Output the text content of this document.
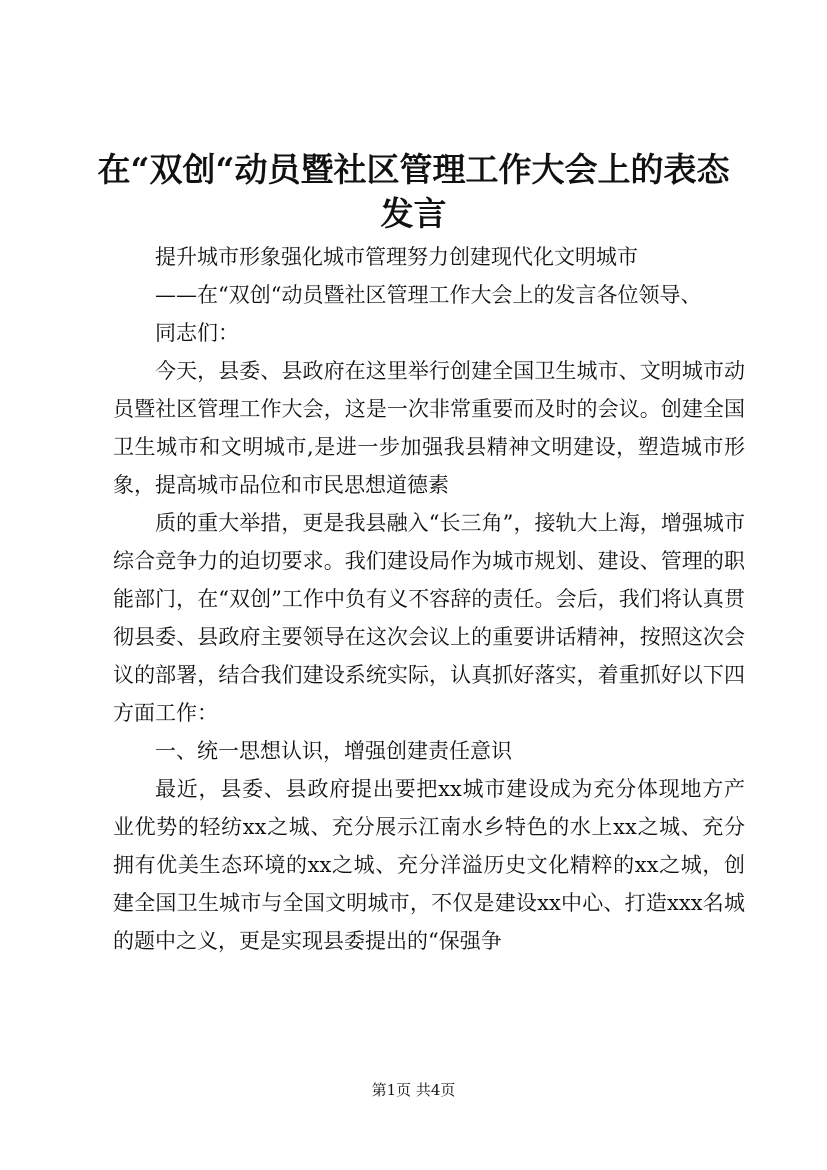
在“双创“动员暨社区管理工作大会上的表态
发言

提升城市形象强化城市管理努力创建现代化文明城市

——在“双创“动员暨社区管理工作大会上的发言各位领导、

同志们：

今天，县委、县政府在这里举行创建全国卫生城市、文明城市动员暨社区管理工作大会，这是一次非常重要而及时的会议。创建全国卫生城市和文明城市,是进一步加强我县精神文明建设，塑造城市形象，提高城市品位和市民思想道德素

质的重大举措，更是我县融入“长三角”，接轨大上海，增强城市综合竞争力的迫切要求。我们建设局作为城市规划、建设、管理的职能部门，在“双创”工作中负有义不容辞的责任。会后，我们将认真贯彻县委、县政府主要领导在这次会议上的重要讲话精神，按照这次会议的部署，结合我们建设系统实际，认真抓好落实，着重抓好以下四方面工作：

一、统一思想认识，增强创建责任意识

最近，县委、县政府提出要把xx城市建设成为充分体现地方产业优势的轻纺xx之城、充分展示江南水乡特色的水上xx之城、充分拥有优美生态环境的xx之城、充分洋溢历史文化精粹的xx之城，创建全国卫生城市与全国文明城市，不仅是建设xx中心、打造xxx名城的题中之义，更是实现县委提出的“保强争

第1页 共4页
